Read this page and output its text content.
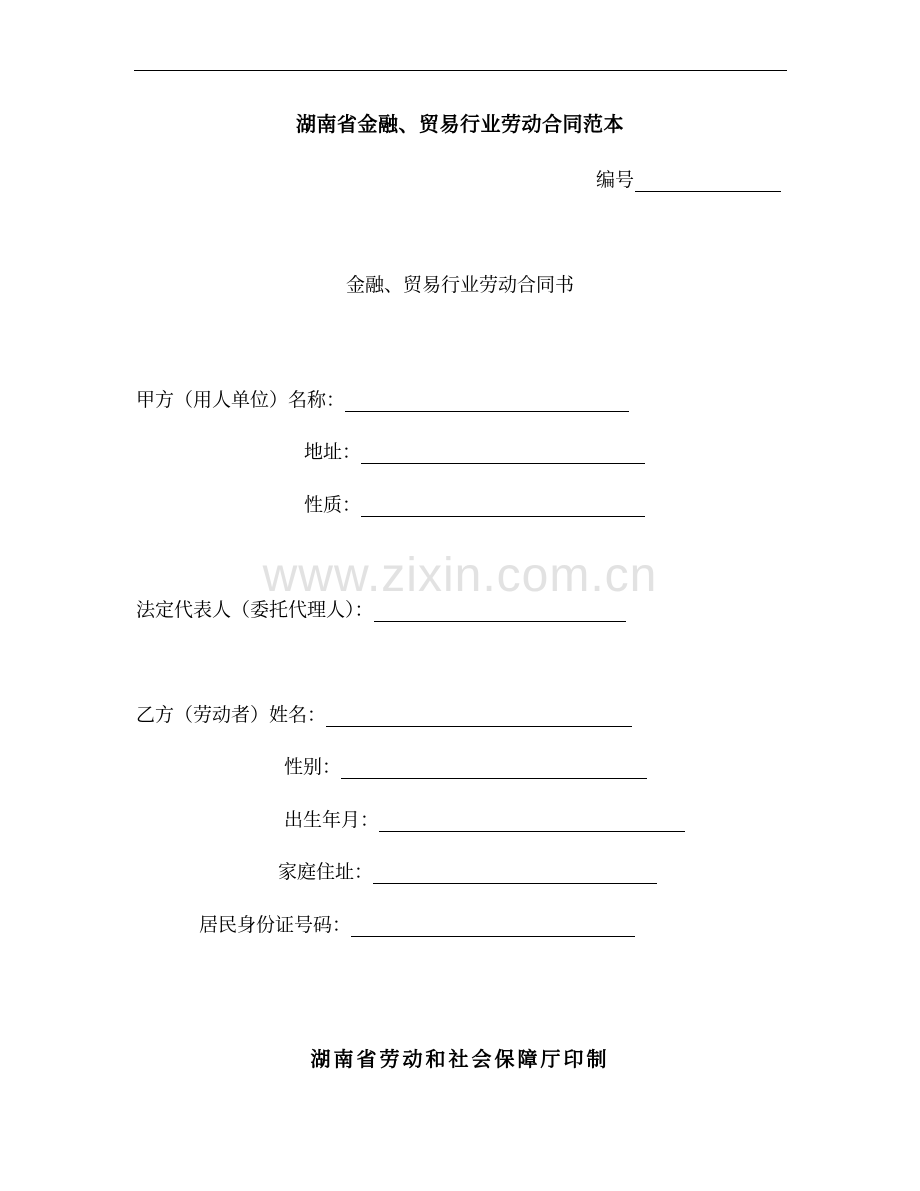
湖南省金融、贸易行业劳动合同范本
编号
金融、贸易行业劳动合同书
甲方（用人单位）名称：
地址：
性质：
www.zixin.com.cn
法定代表人（委托代理人）：
乙方（劳动者）姓名：
性别：
出生年月：
家庭住址：
居民身份证号码：
湖南省劳动和社会保障厅印制
